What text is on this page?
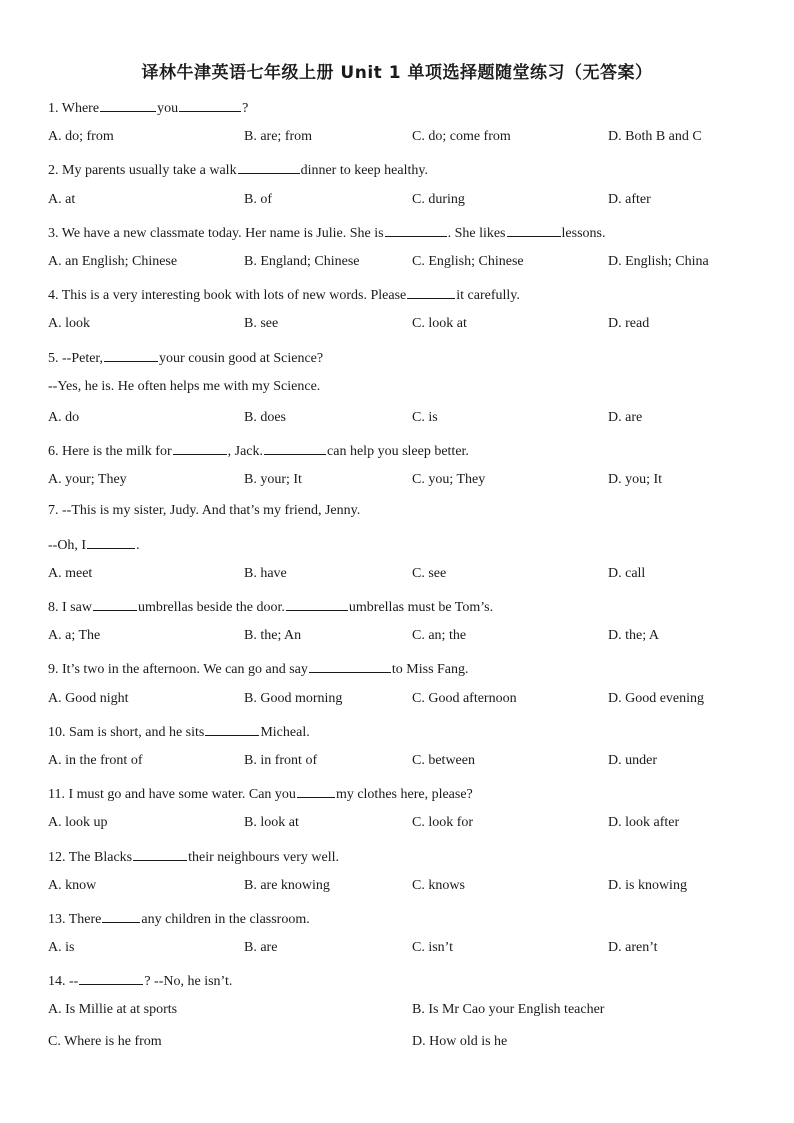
译林牛津英语七年级上册 Unit 1 单项选择题随堂练习（无答案）
1. Where	you	?
A. do; from	B. are; from	C. do; come from	D. Both B and C
2. My parents usually take a walk	dinner to keep healthy.
A. at	B. of	C. during	D. after
3. We have a new classmate today. Her name is Julie. She is	. She likes	lessons.
A. an English; Chinese	B. England; Chinese	C. English; Chinese	D. English; China
4. This is a very interesting book with lots of new words. Please	it carefully.
A. look	B. see	C. look at	D. read
5. --Peter,	your cousin good at Science?
--Yes, he is. He often helps me with my Science.
A. do	B. does	C. is	D. are
6. Here is the milk for	, Jack.	can help you sleep better.
A. your; They	B. your; It	C. you; They	D. you; It
7. --This is my sister, Judy. And that’s my friend, Jenny.
--Oh, I	.
A. meet	B. have	C. see	D. call
8. I saw	umbrellas beside the door.	umbrellas must be Tom’s.
A. a; The	B. the; An	C. an; the	D. the; A
9. It’s two in the afternoon. We can go and say	to Miss Fang.
A. Good night	B. Good morning	C. Good afternoon	D. Good evening
10. Sam is short, and he sits	Micheal.
A. in the front of	B. in front of	C. between	D. under
11. I must go and have some water. Can you	my clothes here, please?
A. look up	B. look at	C. look for	D. look after
12. The Blacks	their neighbours very well.
A. know	B. are knowing	C. knows	D. is knowing
13. There	any children in the classroom.
A. is	B. are	C. isn’t	D. aren’t
14. --	? --No, he isn’t.
A. Is Millie at at sports	B. Is Mr Cao your English teacher
C. Where is he from	D. How old is he
